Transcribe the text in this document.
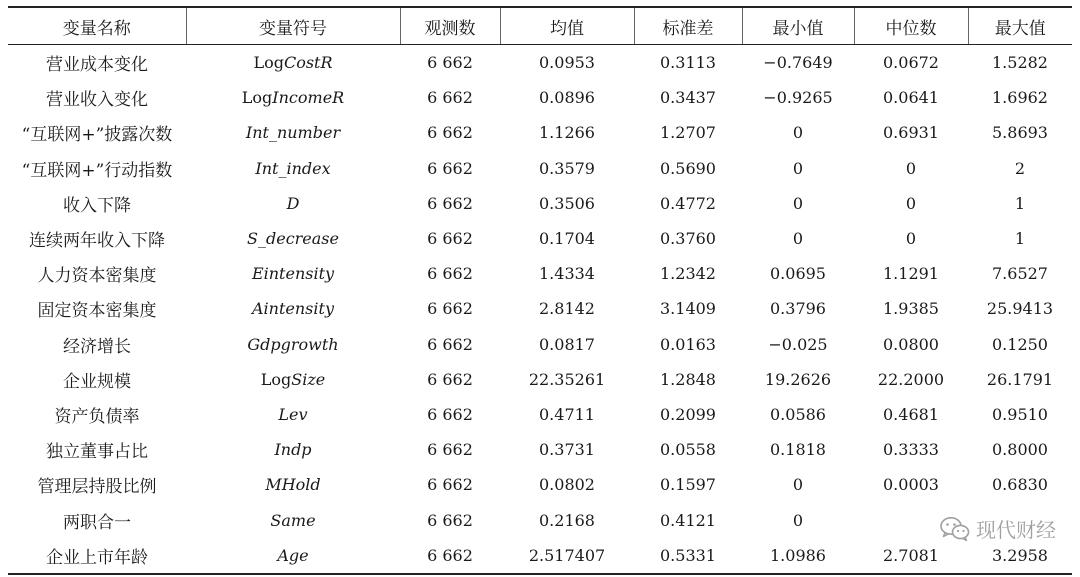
变量名称	变量符号	观测数	均值	标准差	最小值	中位数	最大值
营业成本变化	LogCostR	6 662	0.0953	0.3113	−0.7649	0.0672	1.5282
营业收入变化	LogIncomeR	6 662	0.0896	0.3437	−0.9265	0.0641	1.6962
“互联网+”披露次数	Int_number	6 662	1.1266	1.2707	0	0.6931	5.8693
“互联网+”行动指数	Int_index	6 662	0.3579	0.5690	0	0	2
收入下降	D	6 662	0.3506	0.4772	0	0	1
连续两年收入下降	S_decrease	6 662	0.1704	0.3760	0	0	1
人力资本密集度	Eintensity	6 662	1.4334	1.2342	0.0695	1.1291	7.6527
固定资本密集度	Aintensity	6 662	2.8142	3.1409	0.3796	1.9385	25.9413
经济增长	Gdpgrowth	6 662	0.0817	0.0163	−0.025	0.0800	0.1250
企业规模	LogSize	6 662	22.35261	1.2848	19.2626	22.2000	26.1791
资产负债率	Lev	6 662	0.4711	0.2099	0.0586	0.4681	0.9510
独立董事占比	Indp	6 662	0.3731	0.0558	0.1818	0.3333	0.8000
管理层持股比例	MHold	6 662	0.0802	0.1597	0	0.0003	0.6830
两职合一	Same	6 662	0.2168	0.4121	0		
企业上市年龄	Age	6 662	2.517407	0.5331	1.0986	2.7081	3.2958
现代财经
